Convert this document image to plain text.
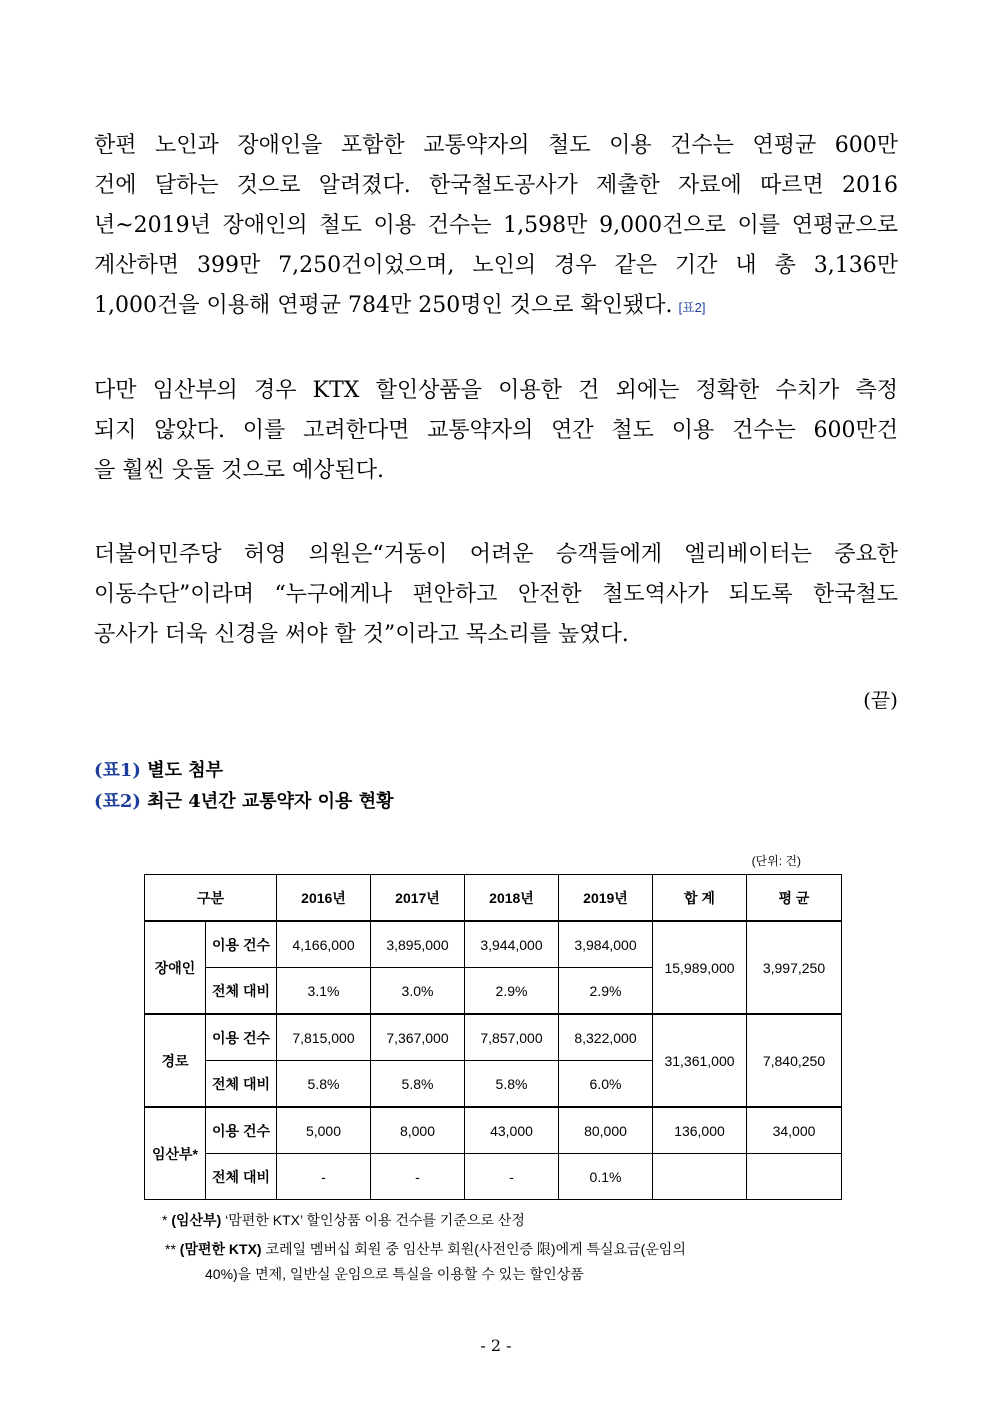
한편 노인과 장애인을 포함한 교통약자의 철도 이용 건수는 연평균 600만
건에 달하는 것으로 알려졌다. 한국철도공사가 제출한 자료에 따르면 2016
년~2019년 장애인의 철도 이용 건수는 1,598만 9,000건으로 이를 연평균으로
계산하면 399만 7,250건이었으며, 노인의 경우 같은 기간 내 총 3,136만
1,000건을 이용해 연평균 784만 250명인 것으로 확인됐다. [표2]
다만 임산부의 경우 KTX 할인상품을 이용한 건 외에는 정확한 수치가 측정
되지 않았다. 이를 고려한다면 교통약자의 연간 철도 이용 건수는 600만건
을 훨씬 웃돌 것으로 예상된다.
더불어민주당 허영 의원은“거동이 어려운 승객들에게 엘리베이터는 중요한
이동수단”이라며 “누구에게나 편안하고 안전한 철도역사가 되도록 한국철도
공사가 더욱 신경을 써야 할 것”이라고 목소리를 높였다.
(끝)
(표1) 별도 첨부
(표2) 최근 4년간 교통약자 이용 현황
(단위: 건)
구분		2016년	2017년	2018년	2019년	합 계	평 균
장애인	이용 건수	4,166,000	3,895,000	3,944,000	3,984,000	15,989,000	3,997,250
	전체 대비	3.1%	3.0%	2.9%	2.9%		
경로	이용 건수	7,815,000	7,367,000	7,857,000	8,322,000	31,361,000	7,840,250
	전체 대비	5.8%	5.8%	5.8%	6.0%		
임산부*	이용 건수	5,000	8,000	43,000	80,000	136,000	34,000
	전체 대비	-	-	-	0.1%		
* (임산부) ‘맘편한 KTX’ 할인상품 이용 건수를 기준으로 산정
** (맘편한 KTX) 코레일 멤버십 회원 중 임산부 회원(사전인증 限)에게 특실요금(운임의
40%)을 면제, 일반실 운임으로 특실을 이용할 수 있는 할인상품
- 2 -
